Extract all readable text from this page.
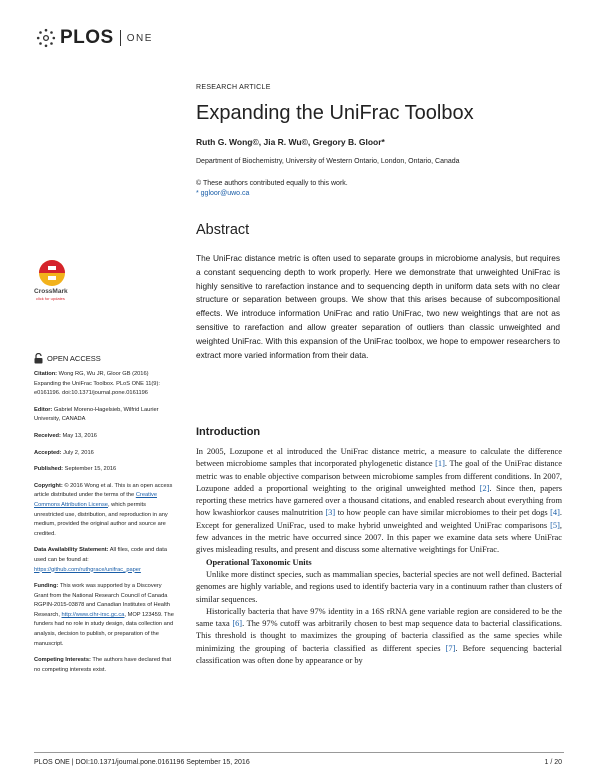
PLOS ONE
RESEARCH ARTICLE
Expanding the UniFrac Toolbox
Ruth G. Wong©, Jia R. Wu©, Gregory B. Gloor*
Department of Biochemistry, University of Western Ontario, London, Ontario, Canada
© These authors contributed equally to this work.
* ggloor@uwo.ca
Abstract
The UniFrac distance metric is often used to separate groups in microbiome analysis, but requires a constant sequencing depth to work properly. Here we demonstrate that unweighted UniFrac is highly sensitive to rarefaction instance and to sequencing depth in uniform data sets with no clear structure or separation between groups. We show that this arises because of subcompositional effects. We introduce information UniFrac and ratio UniFrac, two new weightings that are not as sensitive to rarefaction and allow greater separation of outliers than classic unweighted and weighted UniFrac. With this expansion of the UniFrac toolbox, we hope to empower researchers to extract more varied information from their data.
CrossMark
click for updates
OPEN ACCESS

Citation: Wong RG, Wu JR, Gloor GB (2016) Expanding the UniFrac Toolbox. PLoS ONE 11(9): e0161196. doi:10.1371/journal.pone.0161196

Editor: Gabriel Moreno-Hagelsieb, Wilfrid Laurier University, CANADA

Received: May 13, 2016

Accepted: July 2, 2016

Published: September 15, 2016

Copyright: © 2016 Wong et al. This is an open access article distributed under the terms of the Creative Commons Attribution License, which permits unrestricted use, distribution, and reproduction in any medium, provided the original author and source are credited.

Data Availability Statement: All files, code and data used can be found at: https://github.com/ruthgrace/unifrac_paper

Funding: This work was supported by a Discovery Grant from the National Research Council of Canada RGPIN-2015-03878 and Canadian Institutes of Health Research, http://www.cihr-irsc.gc.ca, MOP 123459. The funders had no role in study design, data collection and analysis, decision to publish, or preparation of the manuscript.

Competing Interests: The authors have declared that no competing interests exist.

Introduction

In 2005, Lozupone et al introduced the UniFrac distance metric, a measure to calculate the difference between microbiome samples that incorporated phylogenetic distance [1]. The goal of the UniFrac distance metric was to enable objective comparison between microbiome samples from different conditions. In 2007, Lozupone added a proportional weighting to the original unweighted method [2]. Since then, papers reporting these metrics have garnered over a thousand citations, and enabled research about everything from how kwashiorkor causes malnutrition [3] to how people can have similar microbiomes to their pet dogs [4]. Except for generalized UniFrac, used to make hybrid unweighted and weighted UniFrac comparisons [5], few advances in the metric have occurred since 2007. In this paper we examine data sets where UniFrac gives misleading results, and present and discuss some alternative weightings for UniFrac.

Operational Taxonomic Units

Unlike more distinct species, such as mammalian species, bacterial species are not well defined. Bacterial genomes are highly variable, and regions used to identify bacteria vary in a continuum rather than clusters of similar sequences.

Historically bacteria that have 97% identity in a 16S rRNA gene variable region are considered to be the same taxa [6]. The 97% cutoff was arbitrarily chosen to best map sequence data to bacterial classifications. This threshold is thought to maximizes the grouping of bacteria classified as the same species while minimizing the grouping of bacteria classified as different species [7]. Before sequencing bacterial classification was often done by appearance or by

PLOS ONE | DOI:10.1371/journal.pone.0161196 September 15, 2016	1 / 20
